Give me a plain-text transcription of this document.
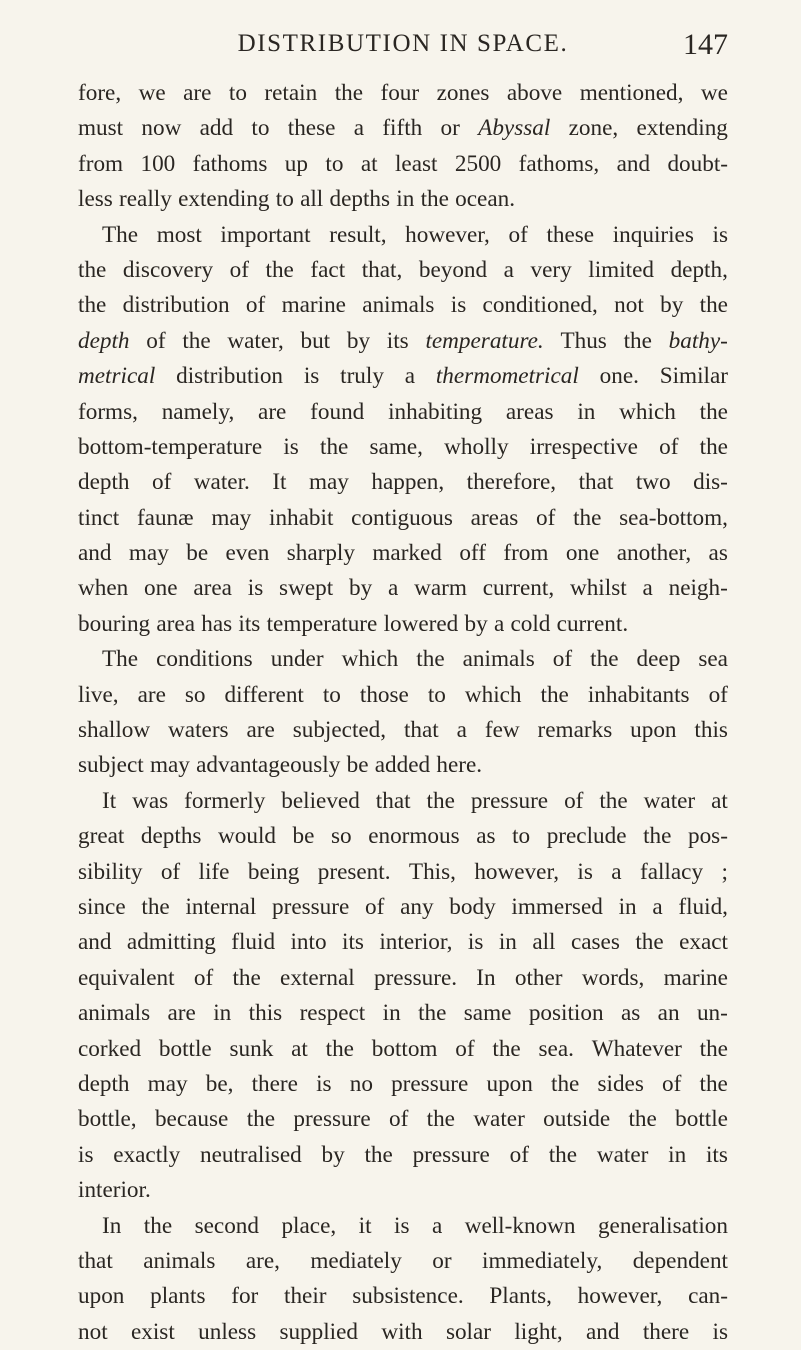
DISTRIBUTION IN SPACE.	147
fore, we are to retain the four zones above mentioned, we
must now add to these a fifth or Abyssal zone, extending
from 100 fathoms up to at least 2500 fathoms, and doubt-
less really extending to all depths in the ocean.
The most important result, however, of these inquiries is
the discovery of the fact that, beyond a very limited depth,
the distribution of marine animals is conditioned, not by the
depth of the water, but by its temperature. Thus the bathy-
metrical distribution is truly a thermometrical one. Similar
forms, namely, are found inhabiting areas in which the
bottom-temperature is the same, wholly irrespective of the
depth of water. It may happen, therefore, that two dis-
tinct faunæ may inhabit contiguous areas of the sea-bottom,
and may be even sharply marked off from one another, as
when one area is swept by a warm current, whilst a neigh-
bouring area has its temperature lowered by a cold current.
The conditions under which the animals of the deep sea
live, are so different to those to which the inhabitants of
shallow waters are subjected, that a few remarks upon this
subject may advantageously be added here.
It was formerly believed that the pressure of the water at
great depths would be so enormous as to preclude the pos-
sibility of life being present. This, however, is a fallacy ;
since the internal pressure of any body immersed in a fluid,
and admitting fluid into its interior, is in all cases the exact
equivalent of the external pressure. In other words, marine
animals are in this respect in the same position as an un-
corked bottle sunk at the bottom of the sea. Whatever the
depth may be, there is no pressure upon the sides of the
bottle, because the pressure of the water outside the bottle
is exactly neutralised by the pressure of the water in its
interior.
In the second place, it is a well-known generalisation
that animals are, mediately or immediately, dependent
upon plants for their subsistence. Plants, however, can-
not exist unless supplied with solar light, and there is
